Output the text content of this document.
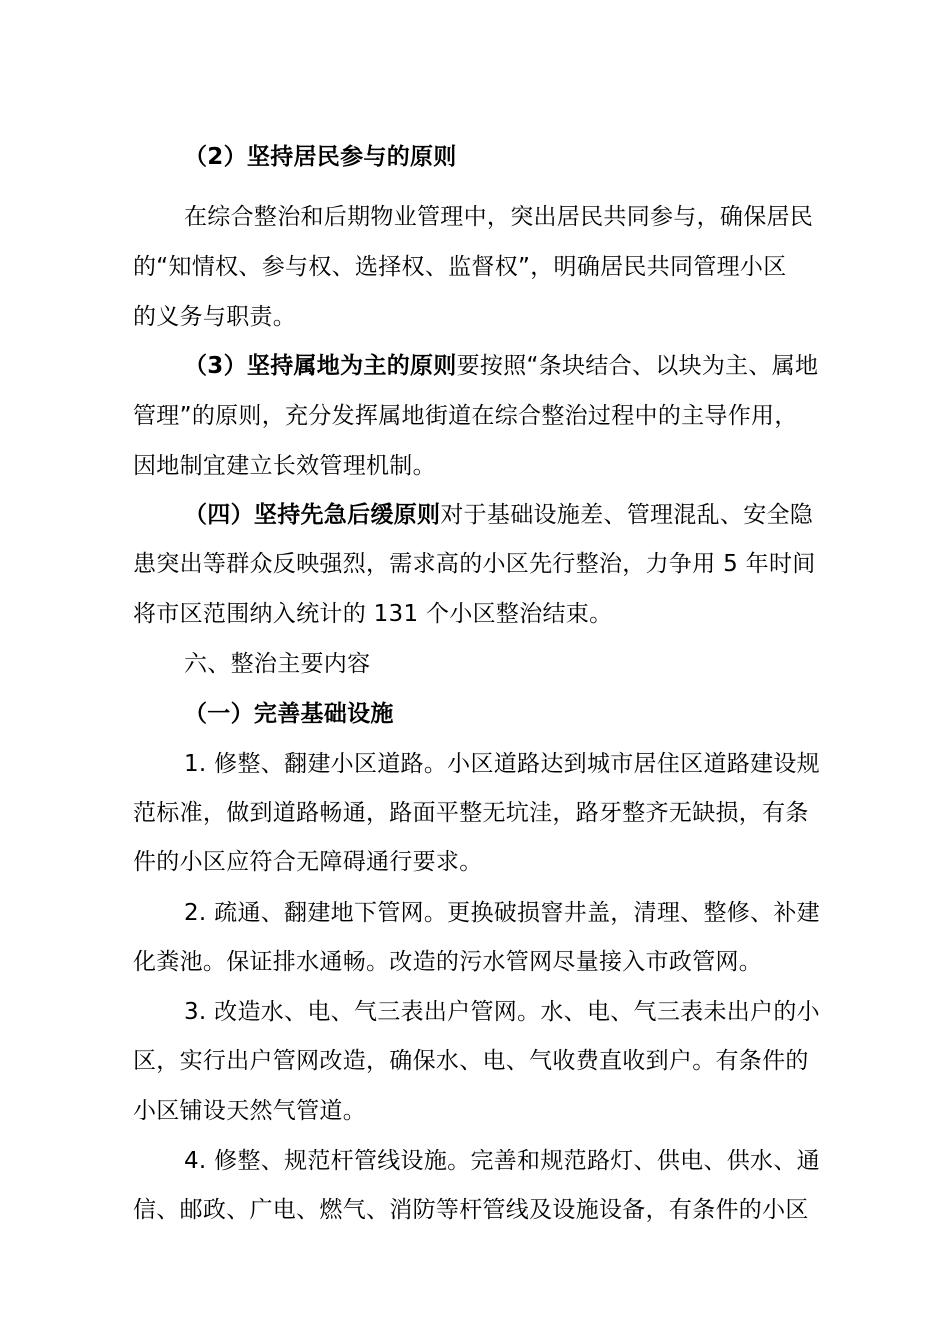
（2）坚持居民参与的原则
在综合整治和后期物业管理中，突出居民共同参与，确保居民
的“知情权、参与权、选择权、监督权”，明确居民共同管理小区
的义务与职责。
（3）坚持属地为主的原则要按照“条块结合、以块为主、属地
管理”的原则，充分发挥属地街道在综合整治过程中的主导作用，
因地制宜建立长效管理机制。
（四）坚持先急后缓原则对于基础设施差、管理混乱、安全隐
患突出等群众反映强烈，需求高的小区先行整治，力争用 5 年时间
将市区范围纳入统计的 131 个小区整治结束。
六、整治主要内容
（一）完善基础设施
1. 修整、翻建小区道路。小区道路达到城市居住区道路建设规
范标准，做到道路畅通，路面平整无坑洼，路牙整齐无缺损，有条
件的小区应符合无障碍通行要求。
2. 疏通、翻建地下管网。更换破损窨井盖，清理、整修、补建
化粪池。保证排水通畅。改造的污水管网尽量接入市政管网。
3. 改造水、电、气三表出户管网。水、电、气三表未出户的小
区，实行出户管网改造，确保水、电、气收费直收到户。有条件的
小区铺设天然气管道。
4. 修整、规范杆管线设施。完善和规范路灯、供电、供水、通
信、邮政、广电、燃气、消防等杆管线及设施设备，有条件的小区
